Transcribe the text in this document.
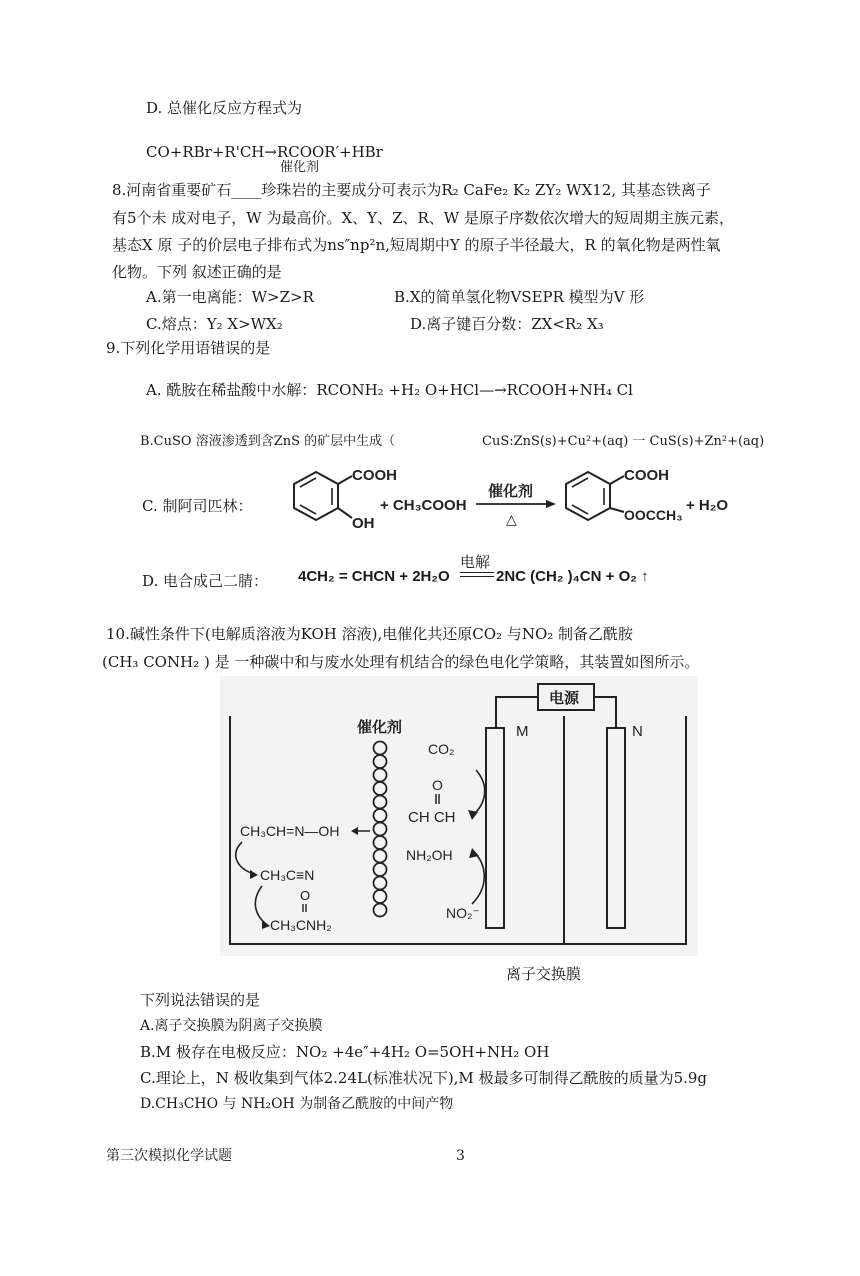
D. 总催化反应方程式为
CO+RBr+R'CH→RCOOR′+HBr
催化剂
8.河南省重要矿石____珍珠岩的主要成分可表示为R₂ CaFe₂ K₂ ZY₂ WX12, 其基态铁离子
有5个未 成对电子，W 为最高价。X、Y、Z、R、W 是原子序数依次增大的短周期主族元素，
基态X 原 子的价层电子排布式为ns″np²n,短周期中Y 的原子半径最大，R 的氧化物是两性氧
化物。下列 叙述正确的是
A.第一电离能：W>Z>R	B.X的简单氢化物VSEPR 模型为V 形
C.熔点：Y₂ X>WX₂	D.离子键百分数：ZX<R₂ X₃
9.下列化学用语错误的是
A. 酰胺在稀盐酸中水解：RCONH₂ +H₂ O+HCl—→RCOOH+NH₄ Cl
B.CuSO 溶液渗透到含ZnS 的矿层中生成（	CuS:ZnS(s)+Cu²+(aq) ⼀ CuS(s)+Zn²+(aq)
C. 制阿司匹林：
COOH
OH
+ CH₃COOH
催化剂
△
COOH
OOCCH₃
+ H₂O
D. 电合成己二腈： 4CH₂ = CHCN + 2H₂O
电解
2NC (CH₂ )₄CN + O₂ ↑
10.碱性条件下(电解质溶液为KOH 溶液),电催化共还原CO₂ 与NO₂ 制备乙酰胺
(CH₃ CONH₂ ) 是 一种碳中和与废水处理有机结合的绿色电化学策略，其装置如图所示。
电源
M	N
催化剂
CO₂
O
CH CH
NH₂OH
NO₂⁻
CH₃CH=N—OH
CH₃C≡N
O
CH₃CNH₂
离子交换膜
下列说法错误的是
A.离子交换膜为阴离子交换膜
B.M 极存在电极反应：NO₂ +4e″+4H₂ O=5OH+NH₂ OH
C.理论上，N 极收集到气体2.24L(标准状况下),M 极最多可制得乙酰胺的质量为5.9g
D.CH₃CHO 与 NH₂OH 为制备乙酰胺的中间产物
第三次模拟化学试题	3
